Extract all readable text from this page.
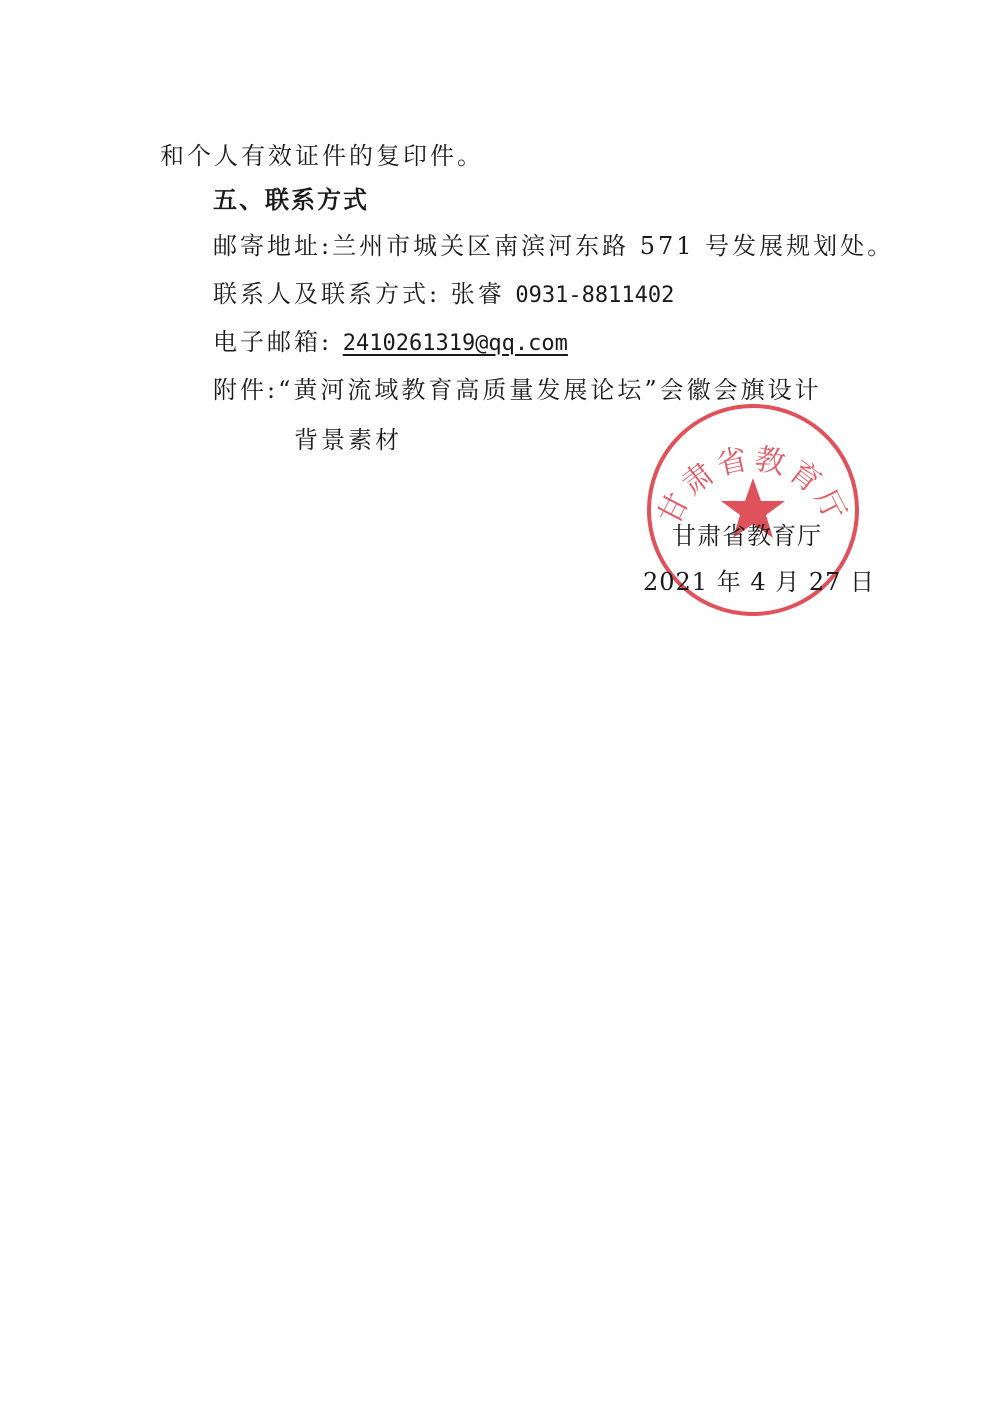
和个人有效证件的复印件。
五、联系方式
邮寄地址:兰州市城关区南滨河东路 571 号发展规划处。
联系人及联系方式: 张睿 0931-8811402
电子邮箱: 2410261319@qq.com
附件:“黄河流域教育高质量发展论坛”会徽会旗设计
背景素材
甘肃省教育厅
甘肃省教育厅
2021 年 4 月 27 日
